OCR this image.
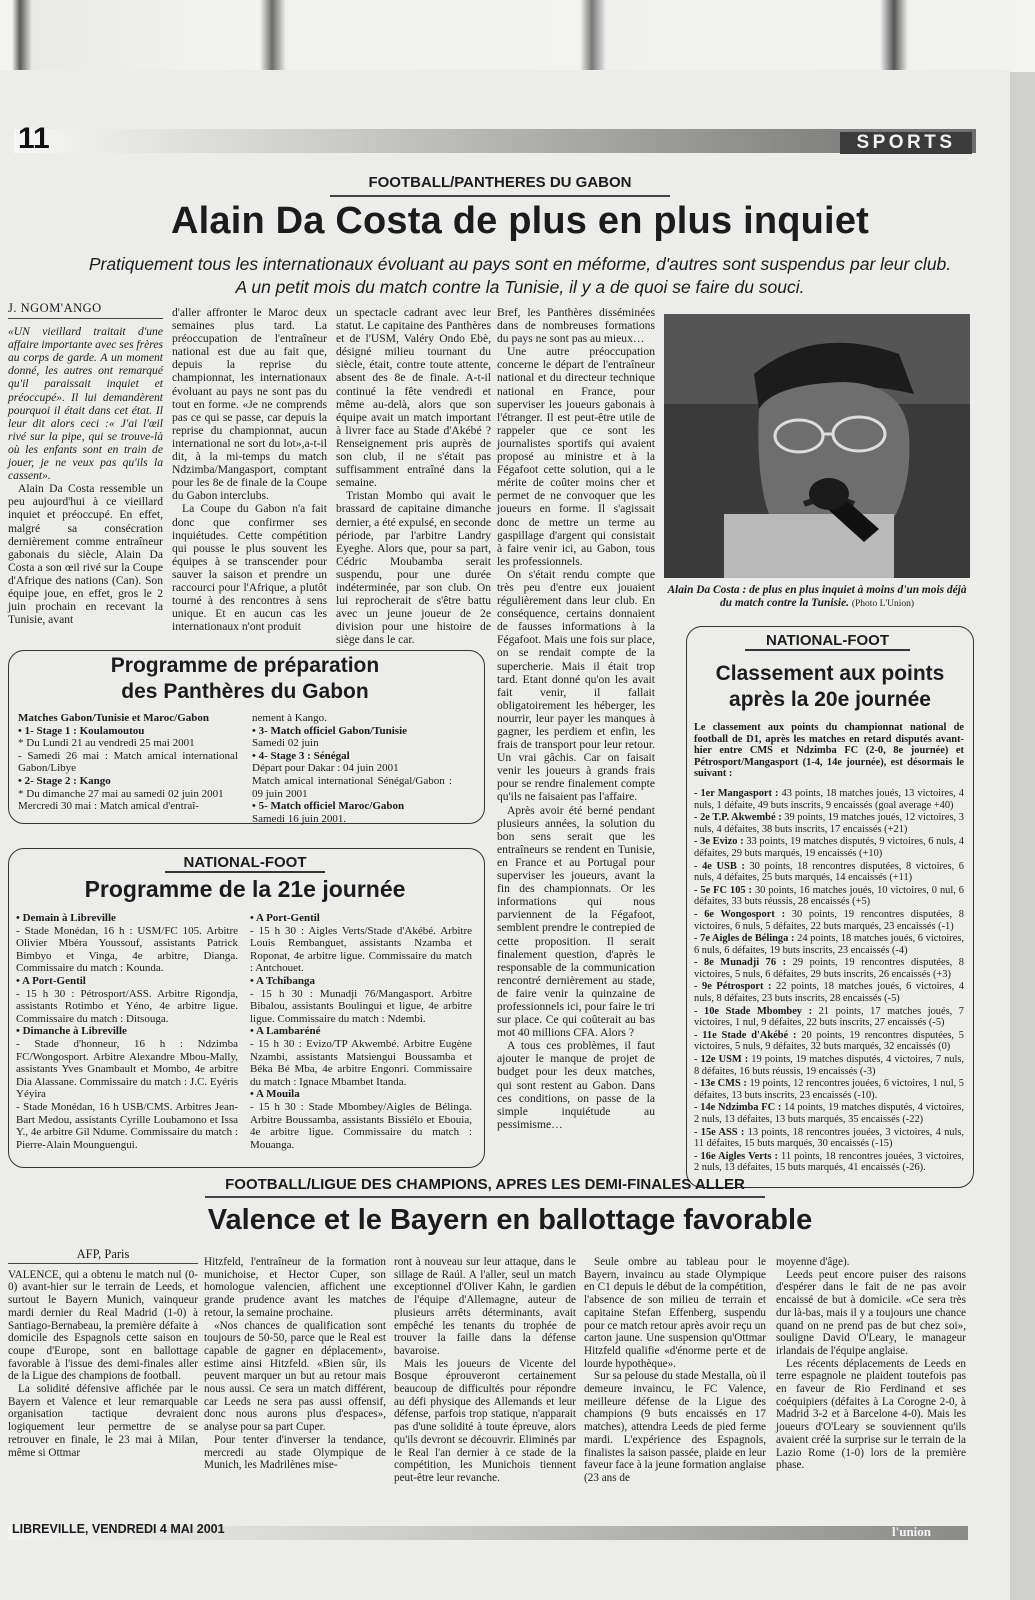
11	SPORTS
FOOTBALL/PANTHERES DU GABON
Alain Da Costa de plus en plus inquiet
Pratiquement tous les internationaux évoluant au pays sont en méforme, d'autres sont suspendus par leur club.
A un petit mois du match contre la Tunisie, il y a de quoi se faire du souci.
J. NGOM'ANGO

«UN vieillard traitait d'une affaire importante avec ses frères au corps de garde. A un moment donné, les autres ont remarqué qu'il paraissait inquiet et préoccupé». Il lui demandèrent pourquoi il était dans cet état. Il leur dit alors ceci :« J'ai l'œil rivé sur la pipe, qui se trouve-là où les enfants sont en train de jouer, je ne veux pas qu'ils la cassent».

Alain Da Costa ressemble un peu aujourd'hui à ce vieillard inquiet et préoccupé. En effet, malgré sa consécration dernièrement comme entraîneur gabonais du siècle, Alain Da Costa a son œil rivé sur la Coupe d'Afrique des nations (Can). Son équipe joue, en effet, gros le 2 juin prochain en recevant la Tunisie, avant

d'aller affronter le Maroc deux semaines plus tard. La préoccupation de l'entraîneur national est due au fait que, depuis la reprise du championnat, les internationaux évoluant au pays ne sont pas du tout en forme. «Je ne comprends pas ce qui se passe, car depuis la reprise du championnat, aucun international ne sort du lot»,a-t-il dit, à la mi-temps du match Ndzimba/Mangasport, comptant pour les 8e de finale de la Coupe du Gabon interclubs.

La Coupe du Gabon n'a fait donc que confirmer ses inquiétudes. Cette compétition qui pousse le plus souvent les équipes à se transcender pour sauver la saison et prendre un raccourci pour l'Afrique, a plutôt tourné à des rencontres à sens unique. Et en aucun cas les internationaux n'ont produit

un spectacle cadrant avec leur statut. Le capitaine des Panthères et de l'USM, Valéry Ondo Ebè, désigné milieu tournant du siècle, était, contre toute attente, absent des 8e de finale. A-t-il continué la fête vendredi et même au-delà, alors que son équipe avait un match important à livrer face au Stade d'Akébé ? Renseignement pris auprès de son club, il ne s'était pas suffisamment entraîné dans la semaine.

Tristan Mombo qui avait le brassard de capitaine dimanche dernier, a été expulsé, en seconde période, par l'arbitre Landry Eyeghe. Alors que, pour sa part, Cédric Moubamba serait suspendu, pour une durée indéterminée, par son club. On lui reprocherait de s'être battu avec un jeune joueur de 2e division pour une histoire de siège dans le car.

Bref, les Panthères disséminées dans de nombreuses formations du pays ne sont pas au mieux…

Une autre préoccupation concerne le départ de l'entraîneur national et du directeur technique national en France, pour superviser les joueurs gabonais à l'étranger. Il est peut-être utile de rappeler que ce sont les journalistes sportifs qui avaient proposé au ministre et à la Fégafoot cette solution, qui a le mérite de coûter moins cher et permet de ne convoquer que les joueurs en forme. Il s'agissait donc de mettre un terme au gaspillage d'argent qui consistait à faire venir ici, au Gabon, tous les professionnels.

On s'était rendu compte que très peu d'entre eux jouaient régulièrement dans leur club. En conséquence, certains donnaient de fausses informations à la Fégafoot. Mais une fois sur place, on se rendait compte de la supercherie. Mais il était trop tard. Etant donné qu'on les avait fait venir, il fallait obligatoirement les héberger, les nourrir, leur payer les manques à gagner, les perdiem et enfin, les frais de transport pour leur retour. Un vrai gâchis. Car on faisait venir les joueurs à grands frais pour se rendre finalement compte qu'ils ne faisaient pas l'affaire.

Après avoir été berné pendant plusieurs années, la solution du bon sens serait que les entraîneurs se rendent en Tunisie, en France et au Portugal pour superviser les joueurs, avant la fin des championnats. Or les informations qui nous parviennent de la Fégafoot, semblent prendre le contrepied de cette proposition. Il serait finalement question, d'après le responsable de la communication rencontré dernièrement au stade, de faire venir la quinzaine de professionnels ici, pour faire le tri sur place. Ce qui coûterait au bas mot 40 millions CFA. Alors ?

A tous ces problèmes, il faut ajouter le manque de projet de budget pour les deux matches, qui sont restent au Gabon. Dans ces conditions, on passe de la simple inquiétude au pessimisme…

Alain Da Costa : de plus en plus inquiet à moins d'un mois déjà du match contre la Tunisie. (Photo L'Union)
Programme de préparation
des Panthères du Gabon
Matches Gabon/Tunisie et Maroc/Gabon
• 1- Stage 1 : Koulamoutou
* Du Lundi 21 au vendredi 25 mai 2001
- Samedi 26 mai : Match amical international Gabon/Libye
• 2- Stage 2 : Kango
* Du dimanche 27 mai au samedi 02 juin 2001
Mercredi 30 mai : Match amical d'entraî-
nement à Kango.
• 3- Match officiel Gabon/Tunisie
Samedi 02 juin
• 4- Stage 3 : Sénégal
Départ pour Dakar : 04 juin 2001
Match amical international Sénégal/Gabon : 09 juin 2001
• 5- Match officiel Maroc/Gabon
Samedi 16 juin 2001.
NATIONAL-FOOT
Programme de la 21e journée
• Demain à Libreville
- Stade Monédan, 16 h : USM/FC 105. Arbitre Olivier Mbéra Youssouf, assistants Patrick Bimbyo et Vinga, 4e arbitre, Dianga. Commissaire du match : Kounda.
• A Port-Gentil
- 15 h 30 : Pétrosport/ASS. Arbitre Rigondja, assistants Rotimbo et Yéno, 4e arbitre ligue. Commissaire du match : Ditsouga.
• Dimanche à Libreville
- Stade d'honneur, 16 h : Ndzimba FC/Wongosport. Arbitre Alexandre Mbou-Mally, assistants Yves Gnambault et Mombo, 4e arbitre Dia Alassane. Commissaire du match : J.C. Eyéris Yéyira
- Stade Monédan, 16 h USB/CMS. Arbitres Jean-Bart Medou, assistants Cyrille Loubamono et Issa Y., 4e arbitre Gil Ndume. Commissaire du match : Pierre-Alain Mounguengui.
• A Port-Gentil
- 15 h 30 : Aigles Verts/Stade d'Akébé. Arbitre Louis Rembanguet, assistants Nzamba et Roponat, 4e arbitre ligue. Commissaire du match : Antchouet.
• A Tchibanga
- 15 h 30 : Munadji 76/Mangasport. Arbitre Bibalou, assistants Boulingui et ligue, 4e arbitre ligue. Commissaire du match : Ndembi.
• A Lambaréné
- 15 h 30 : Evizo/TP Akwembé. Arbitre Eugène Nzambi, assistants Matsiengui Boussamba et Béka Bé Mba, 4e arbitre Engonri. Commissaire du match : Ignace Mbambet Itanda.
• A Mouila
- 15 h 30 : Stade Mbombey/Aigles de Bélinga. Arbitre Boussamba, assistants Bissiélo et Ebouia, 4e arbitre ligue. Commissaire du match : Mouanga.
NATIONAL-FOOT
Classement aux points
après la 20e journée
Le classement aux points du championnat national de football de D1, après les matches en retard disputés avant-hier entre CMS et Ndzimba FC (2-0, 8e journée) et Pétrosport/Mangasport (1-4, 14e journée), est désormais le suivant :
- 1er Mangasport : 43 points, 18 matches joués, 13 victoires, 4 nuls, 1 défaite, 49 buts inscrits, 9 encaissés (goal average +40)
- 2e T.P. Akwembé : 39 points, 19 matches joués, 12 victoires, 3 nuls, 4 défaites, 38 buts inscrits, 17 encaissés (+21)
- 3e Evizo : 33 points, 19 matches disputés, 9 victoires, 6 nuls, 4 défaites, 29 buts marqués, 19 encaissés (+10)
- 4e USB : 30 points, 18 rencontres disputées, 8 victoires, 6 nuls, 4 défaites, 25 buts marqués, 14 encaissés (+11)
- 5e FC 105 : 30 points, 16 matches joués, 10 victoires, 0 nul, 6 défaites, 33 buts réussis, 28 encaissés (+5)
- 6e Wongosport : 30 points, 19 rencontres disputées, 8 victoires, 6 nuls, 5 défaites, 22 buts marqués, 23 encaissés (-1)
- 7e Aigles de Bélinga : 24 points, 18 matches joués, 6 victoires, 6 nuls, 6 défaites, 19 buts inscrits, 23 encaissés (-4)
- 8e Munadji 76 : 29 points, 19 rencontres disputées, 8 victoires, 5 nuls, 6 défaites, 29 buts inscrits, 26 encaissés (+3)
- 9e Pétrosport : 22 points, 18 matches joués, 6 victoires, 4 nuls, 8 défaites, 23 buts inscrits, 28 encaissés (-5)
- 10e Stade Mbombey : 21 points, 17 matches joués, 7 victoires, 1 nul, 9 défaites, 22 buts inscrits, 27 encaissés (-5)
- 11e Stade d'Akébé : 20 points, 19 rencontres disputées, 5 victoires, 5 nuls, 9 défaites, 32 buts marqués, 32 encaissés (0)
- 12e USM : 19 points, 19 matches disputés, 4 victoires, 7 nuls, 8 défaites, 16 buts réussis, 19 encaissés (-3)
- 13e CMS : 19 points, 12 rencontres jouées, 6 victoires, 1 nul, 5 défaites, 13 buts inscrits, 23 encaissés (-10).
- 14e Ndzimba FC : 14 points, 19 matches disputés, 4 victoires, 2 nuls, 13 défaites, 13 buts marqués, 35 encaissés (-22)
- 15e ASS : 13 points, 18 rencontres jouées, 3 victoires, 4 nuls, 11 défaites, 15 buts marqués, 30 encaissés (-15)
- 16e Aigles Verts : 11 points, 18 rencontres jouées, 3 victoires, 2 nuls, 13 défaites, 15 buts marqués, 41 encaissés (-26).
FOOTBALL/LIGUE DES CHAMPIONS, APRES LES DEMI-FINALES ALLER
Valence et le Bayern en ballottage favorable
AFP, Paris

VALENCE, qui a obtenu le match nul (0-0) avant-hier sur le terrain de Leeds, et surtout le Bayern Munich, vainqueur mardi dernier du Real Madrid (1-0) à Santiago-Bernabeau, la première défaite à domicile des Espagnols cette saison en coupe d'Europe, sont en ballottage favorable à l'issue des demi-finales aller de la Ligue des champions de football.

La solidité défensive affichée par le Bayern et Valence et leur remarquable organisation tactique devraient logiquement leur permettre de se retrouver en finale, le 23 mai à Milan, même si Ottmar

Hitzfeld, l'entraîneur de la formation munichoise, et Hector Cuper, son homologue valencien, affichent une grande prudence avant les matches retour, la semaine prochaine.

«Nos chances de qualification sont toujours de 50-50, parce que le Real est capable de gagner en déplacement», estime ainsi Hitzfeld. «Bien sûr, ils peuvent marquer un but au retour mais nous aussi. Ce sera un match différent, car Leeds ne sera pas aussi offensif, donc nous aurons plus d'espaces», analyse pour sa part Cuper.

Pour tenter d'inverser la tendance, mercredi au stade Olympique de Munich, les Madrilènes mise-

ront à nouveau sur leur attaque, dans le sillage de Raúl. A l'aller, seul un match exceptionnel d'Oliver Kahn, le gardien de l'équipe d'Allemagne, auteur de plusieurs arrêts déterminants, avait empêché les tenants du trophée de trouver la faille dans la défense bavaroise.

Mais les joueurs de Vicente del Bosque éprouveront certainement beaucoup de difficultés pour répondre au défi physique des Allemands et leur défense, parfois trop statique, n'apparait pas d'une solidité à toute épreuve, alors qu'ils devront se découvrir. Eliminés par le Real l'an dernier à ce stade de la compétition, les Munichois tiennent peut-être leur revanche.

Seule ombre au tableau pour le Bayern, invaincu au stade Olympique en C1 depuis le début de la compétition, l'absence de son milieu de terrain et capitaine Stefan Effenberg, suspendu pour ce match retour après avoir reçu un carton jaune. Une suspension qu'Ottmar Hitzfeld qualifie «d'énorme perte et de lourde hypothèque».

Sur sa pelouse du stade Mestalla, où il demeure invaincu, le FC Valence, meilleure défense de la Ligue des champions (9 buts encaissés en 17 matches), attendra Leeds de pied ferme mardi. L'expérience des Espagnols, finalistes la saison passée, plaide en leur faveur face à la jeune formation anglaise (23 ans de

moyenne d'âge).

Leeds peut encore puiser des raisons d'espérer dans le fait de ne pas avoir encaissé de but à domicile. «Ce sera très dur là-bas, mais il y a toujours une chance quand on ne prend pas de but chez soi», souligne David O'Leary, le manageur irlandais de l'équipe anglaise.

Les récents déplacements de Leeds en terre espagnole ne plaident toutefois pas en faveur de Rio Ferdinand et ses coéquipiers (défaites à La Corogne 2-0, à Madrid 3-2 et à Barcelone 4-0). Mais les joueurs d'O'Leary se souviennent qu'ils avaient créé la surprise sur le terrain de la Lazio Rome (1-0) lors de la première phase.

LIBREVILLE, VENDREDI 4 MAI 2001	l'union
